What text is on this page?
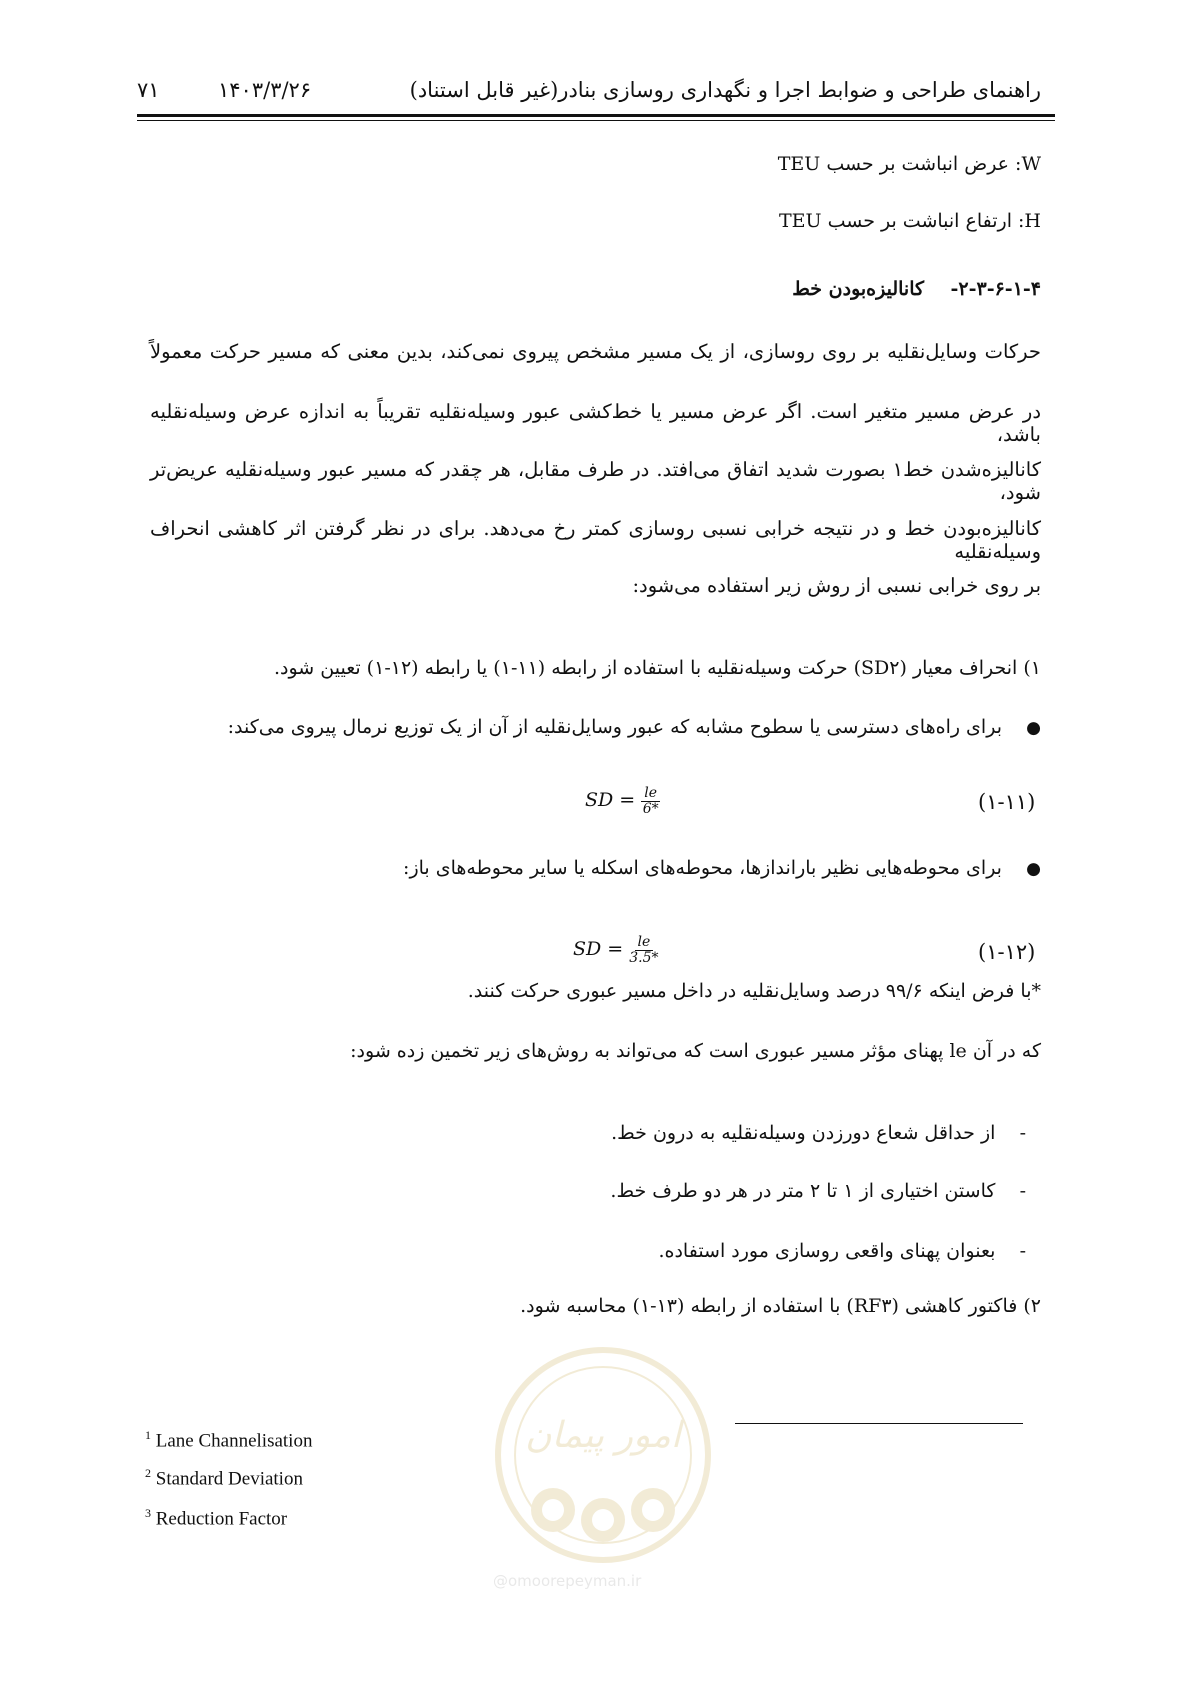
۷۱	۱۴۰۳/۳/۲۶	راهنمای طراحی و ضوابط اجرا و نگهداری روسازی بنادر(غیر قابل استناد)
W: عرض انباشت بر حسب TEU
H: ارتفاع انباشت بر حسب TEU
۲-۳-۶-۱-۴-    کانالیزه‌بودن خط
حرکات وسایل‌نقلیه بر روی روسازی، از یک مسیر مشخص پیروی نمی‌کند، بدین معنی که مسیر حرکت معمولاً
در عرض مسیر متغیر است. اگر عرض مسیر یا خط‌کشی عبور وسیله‌نقلیه تقریباً به اندازه عرض وسیله‌نقلیه باشد،
کانالیزه‌شدن خط۱ بصورت شدید اتفاق می‌افتد. در طرف مقابل، هر چقدر که مسیر عبور وسیله‌نقلیه عریض‌تر شود،
کانالیزه‌بودن خط و در نتیجه خرابی نسبی روسازی کمتر رخ می‌دهد. برای در نظر گرفتن اثر کاهشی انحراف وسیله‌نقلیه
بر روی خرابی نسبی از روش زیر استفاده می‌شود:
۱) انحراف معیار (SD۲) حرکت وسیله‌نقلیه با استفاده از رابطه (۱۱-۱) یا رابطه (۱۲-۱) تعیین شود.
●    برای راه‌های دسترسی یا سطوح مشابه که عبور وسایل‌نقلیه از آن از یک توزیع نرمال پیروی می‌کند:
SD = $\frac{le}{6*}$	(۱-۱۱)
●    برای محوطه‌هایی نظیر باراندازها، محوطه‌های اسکله یا سایر محوطه‌های باز:
SD = $\frac{le}{3.5*}$	(۱-۱۲)
*با فرض اینکه ۹۹/۶ درصد وسایل‌نقلیه در داخل مسیر عبوری حرکت کنند.
که در آن le پهنای مؤثر مسیر عبوری است که می‌تواند به روش‌های زیر تخمین زده شود:
-    از حداقل شعاع دورزدن وسیله‌نقلیه به درون خط.
-    کاستن اختیاری از ۱ تا ۲ متر در هر دو طرف خط.
-    بعنوان پهنای واقعی روسازی مورد استفاده.
۲) فاکتور کاهشی (RF۳) با استفاده از رابطه (۱۳-۱) محاسبه شود.
امور پیمان
@omoorepeyman.ir
$^1$ Lane Channelisation
$^2$ Standard Deviation
$^3$ Reduction Factor
